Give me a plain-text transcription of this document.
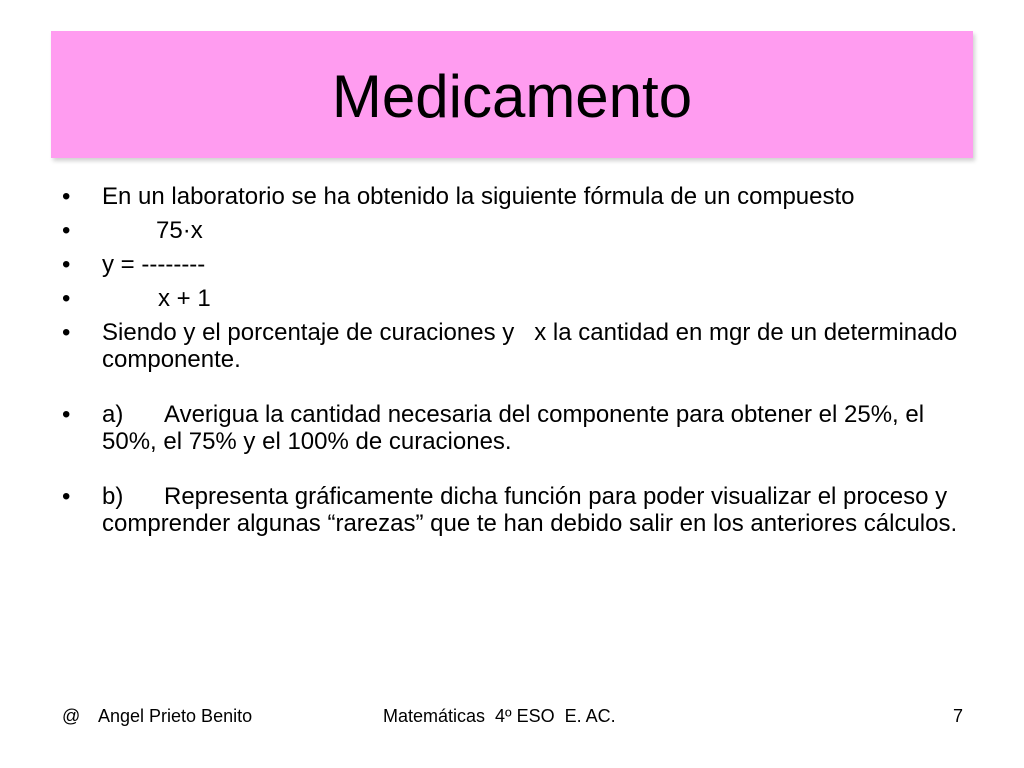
Medicamento
• En un laboratorio se ha obtenido la siguiente fórmula de un compuesto
•	75·x
• y = --------
•	x + 1
• Siendo y el porcentaje de curaciones y   x la cantidad en mgr de un determinado componente.
• a) Averigua la cantidad necesaria del componente para obtener el 25%, el 50%, el 75% y el 100% de curaciones.
• b) Representa gráficamente dicha función para poder visualizar el proceso y comprender algunas “rarezas” que te han debido salir en los anteriores cálculos.
@ Angel Prieto Benito	Matemáticas  4º ESO  E. AC.	7
